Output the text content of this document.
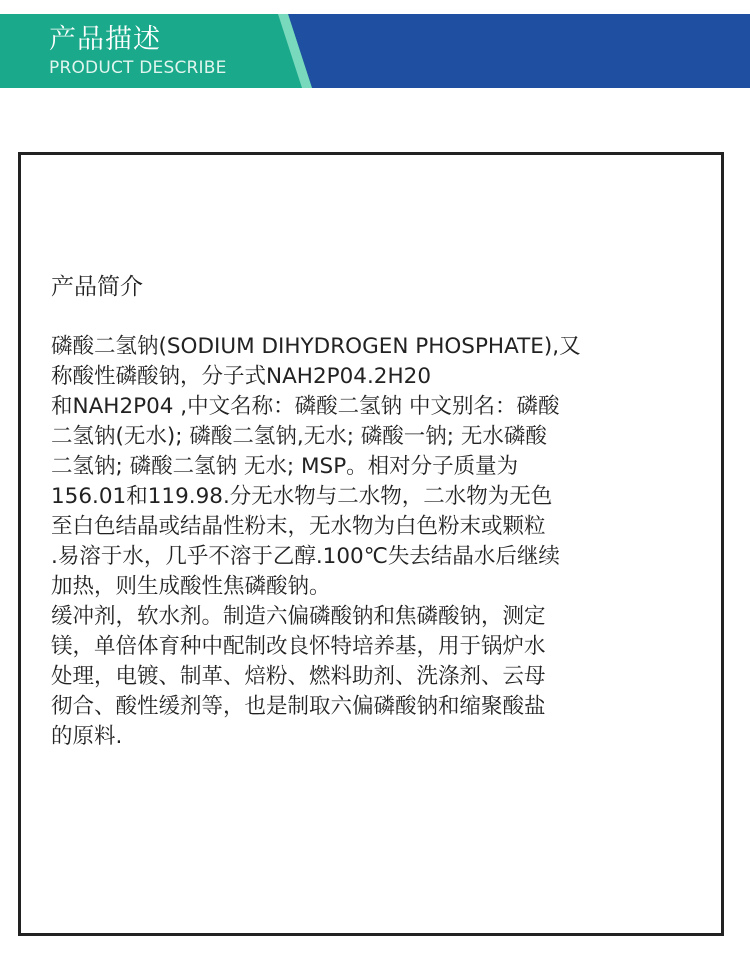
产品描述
PRODUCT DESCRIBE
产品简介
磷酸二氢钠(SODIUM DIHYDROGEN PHOSPHATE),又
称酸性磷酸钠，分子式NAH2P04.2H20
和NAH2P04 ,中文名称：磷酸二氢钠 中文别名：磷酸
二氢钠(无水); 磷酸二氢钠,无水; 磷酸一钠; 无水磷酸
二氢钠; 磷酸二氢钠 无水; MSP。相对分子质量为
156.01和119.98.分无水物与二水物，二水物为无色
至白色结晶或结晶性粉末，无水物为白色粉末或颗粒
.易溶于水，几乎不溶于乙醇.100℃失去结晶水后继续
加热，则生成酸性焦磷酸钠。
缓冲剂，软水剂。制造六偏磷酸钠和焦磷酸钠，测定
镁，单倍体育种中配制改良怀特培养基，用于锅炉水
处理，电镀、制革、焙粉、燃料助剂、洗涤剂、云母
彻合、酸性缓剂等，也是制取六偏磷酸钠和缩聚酸盐
的原料.
